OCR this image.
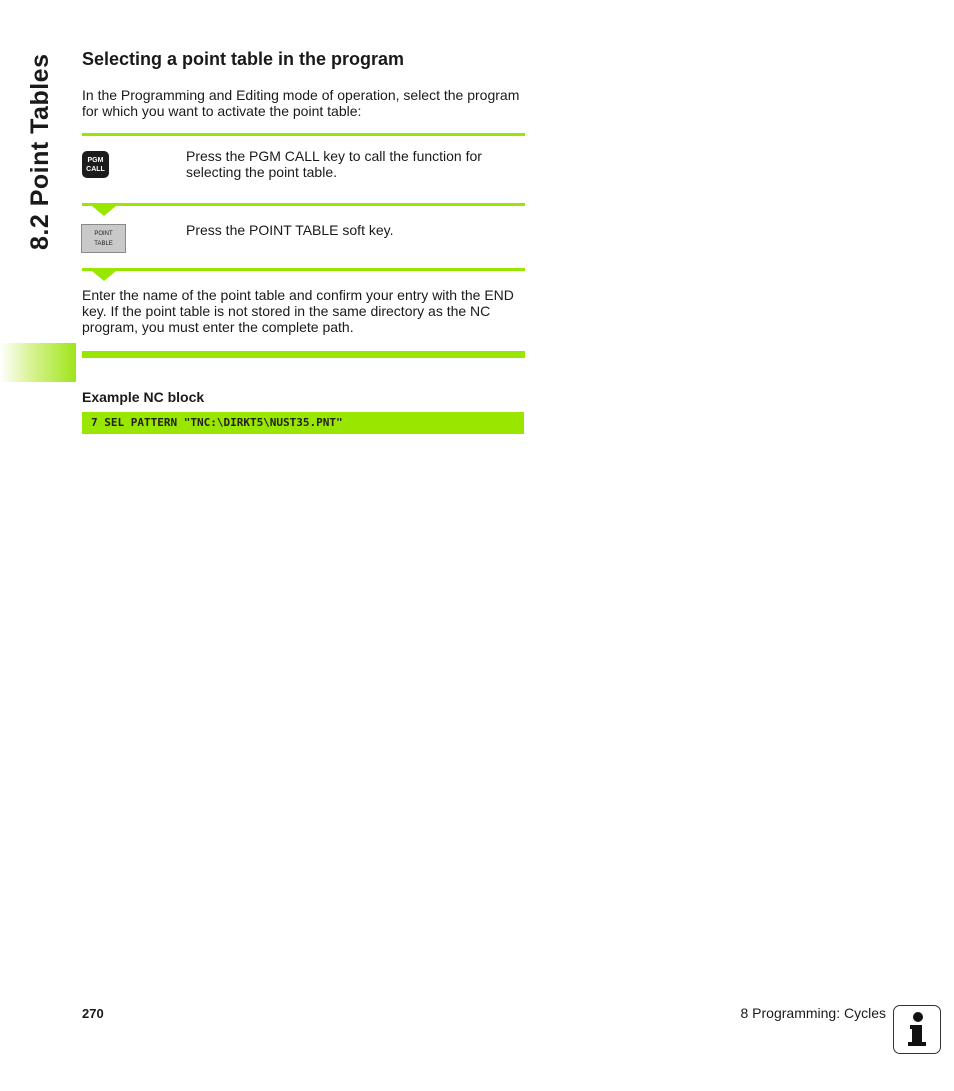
8.2 Point Tables Selecting a point table in the program

In the Programming and Editing mode of operation, select the program for which you want to activate the point table:

PGM
CALL

Press the PGM CALL key to call the function for selecting the point table.

POINT
TABLE

Press the POINT TABLE soft key.

Enter the name of the point table and confirm your entry with the END key. If the point table is not stored in the same directory as the NC program, you must enter the complete path.

Example NC block

7 SEL PATTERN "TNC:\DIRKT5\NUST35.PNT"
270	8 Programming: Cycles
